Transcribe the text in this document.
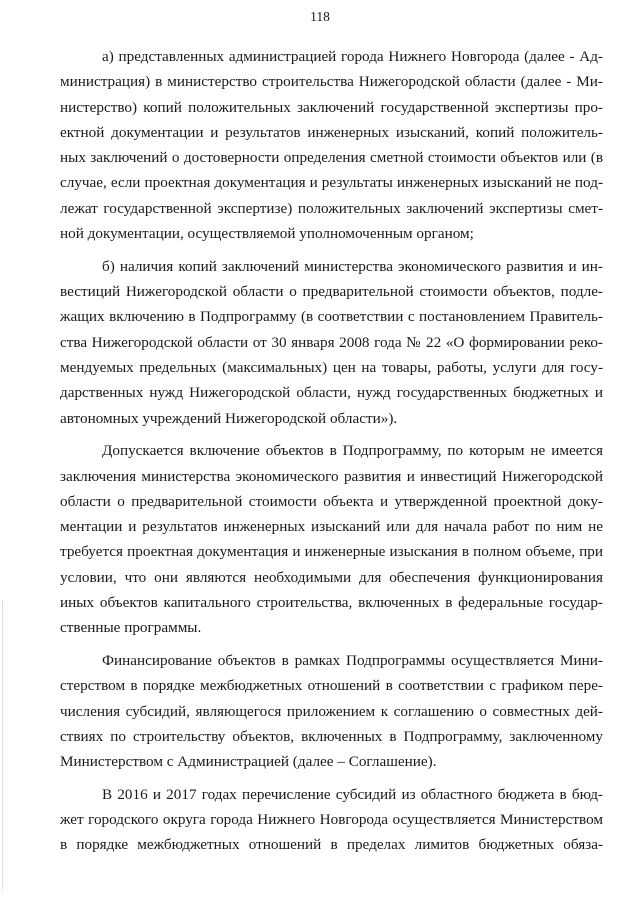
118
а) представленных администрацией города Нижнего Новгорода (далее - Ад-
министрация) в министерство строительства Нижегородской области (далее - Ми-
нистерство) копий положительных заключений государственной экспертизы про-
ектной документации и результатов инженерных изысканий, копий положитель-
ных заключений о достоверности определения сметной стоимости объектов или (в
случае, если проектная документация и результаты инженерных изысканий не под-
лежат государственной экспертизе) положительных заключений экспертизы смет-
ной документации, осуществляемой уполномоченным органом;
б) наличия копий заключений министерства экономического развития и ин-
вестиций Нижегородской области о предварительной стоимости объектов, подле-
жащих включению в Подпрограмму (в соответствии с постановлением Правитель-
ства Нижегородской области от 30 января 2008 года № 22 «О формировании реко-
мендуемых предельных (максимальных) цен на товары, работы, услуги для госу-
дарственных нужд Нижегородской области, нужд государственных бюджетных и
автономных учреждений Нижегородской области»).
Допускается включение объектов в Подпрограмму, по которым не имеется
заключения министерства экономического развития и инвестиций Нижегородской
области о предварительной стоимости объекта и утвержденной проектной доку-
ментации и результатов инженерных изысканий или для начала работ по ним не
требуется проектная документация и инженерные изыскания в полном объеме, при
условии, что они являются необходимыми для обеспечения функционирования
иных объектов капитального строительства, включенных в федеральные государ-
ственные программы.
Финансирование объектов в рамках Подпрограммы осуществляется Мини-
стерством в порядке межбюджетных отношений в соответствии с графиком пере-
числения субсидий, являющегося приложением к соглашению о совместных дей-
ствиях по строительству объектов, включенных в Подпрограмму, заключенному
Министерством с Администрацией (далее – Соглашение).
В 2016 и 2017 годах перечисление субсидий из областного бюджета в бюд-
жет городского округа города Нижнего Новгорода осуществляется Министерством
в порядке межбюджетных отношений в пределах лимитов бюджетных обяза-
